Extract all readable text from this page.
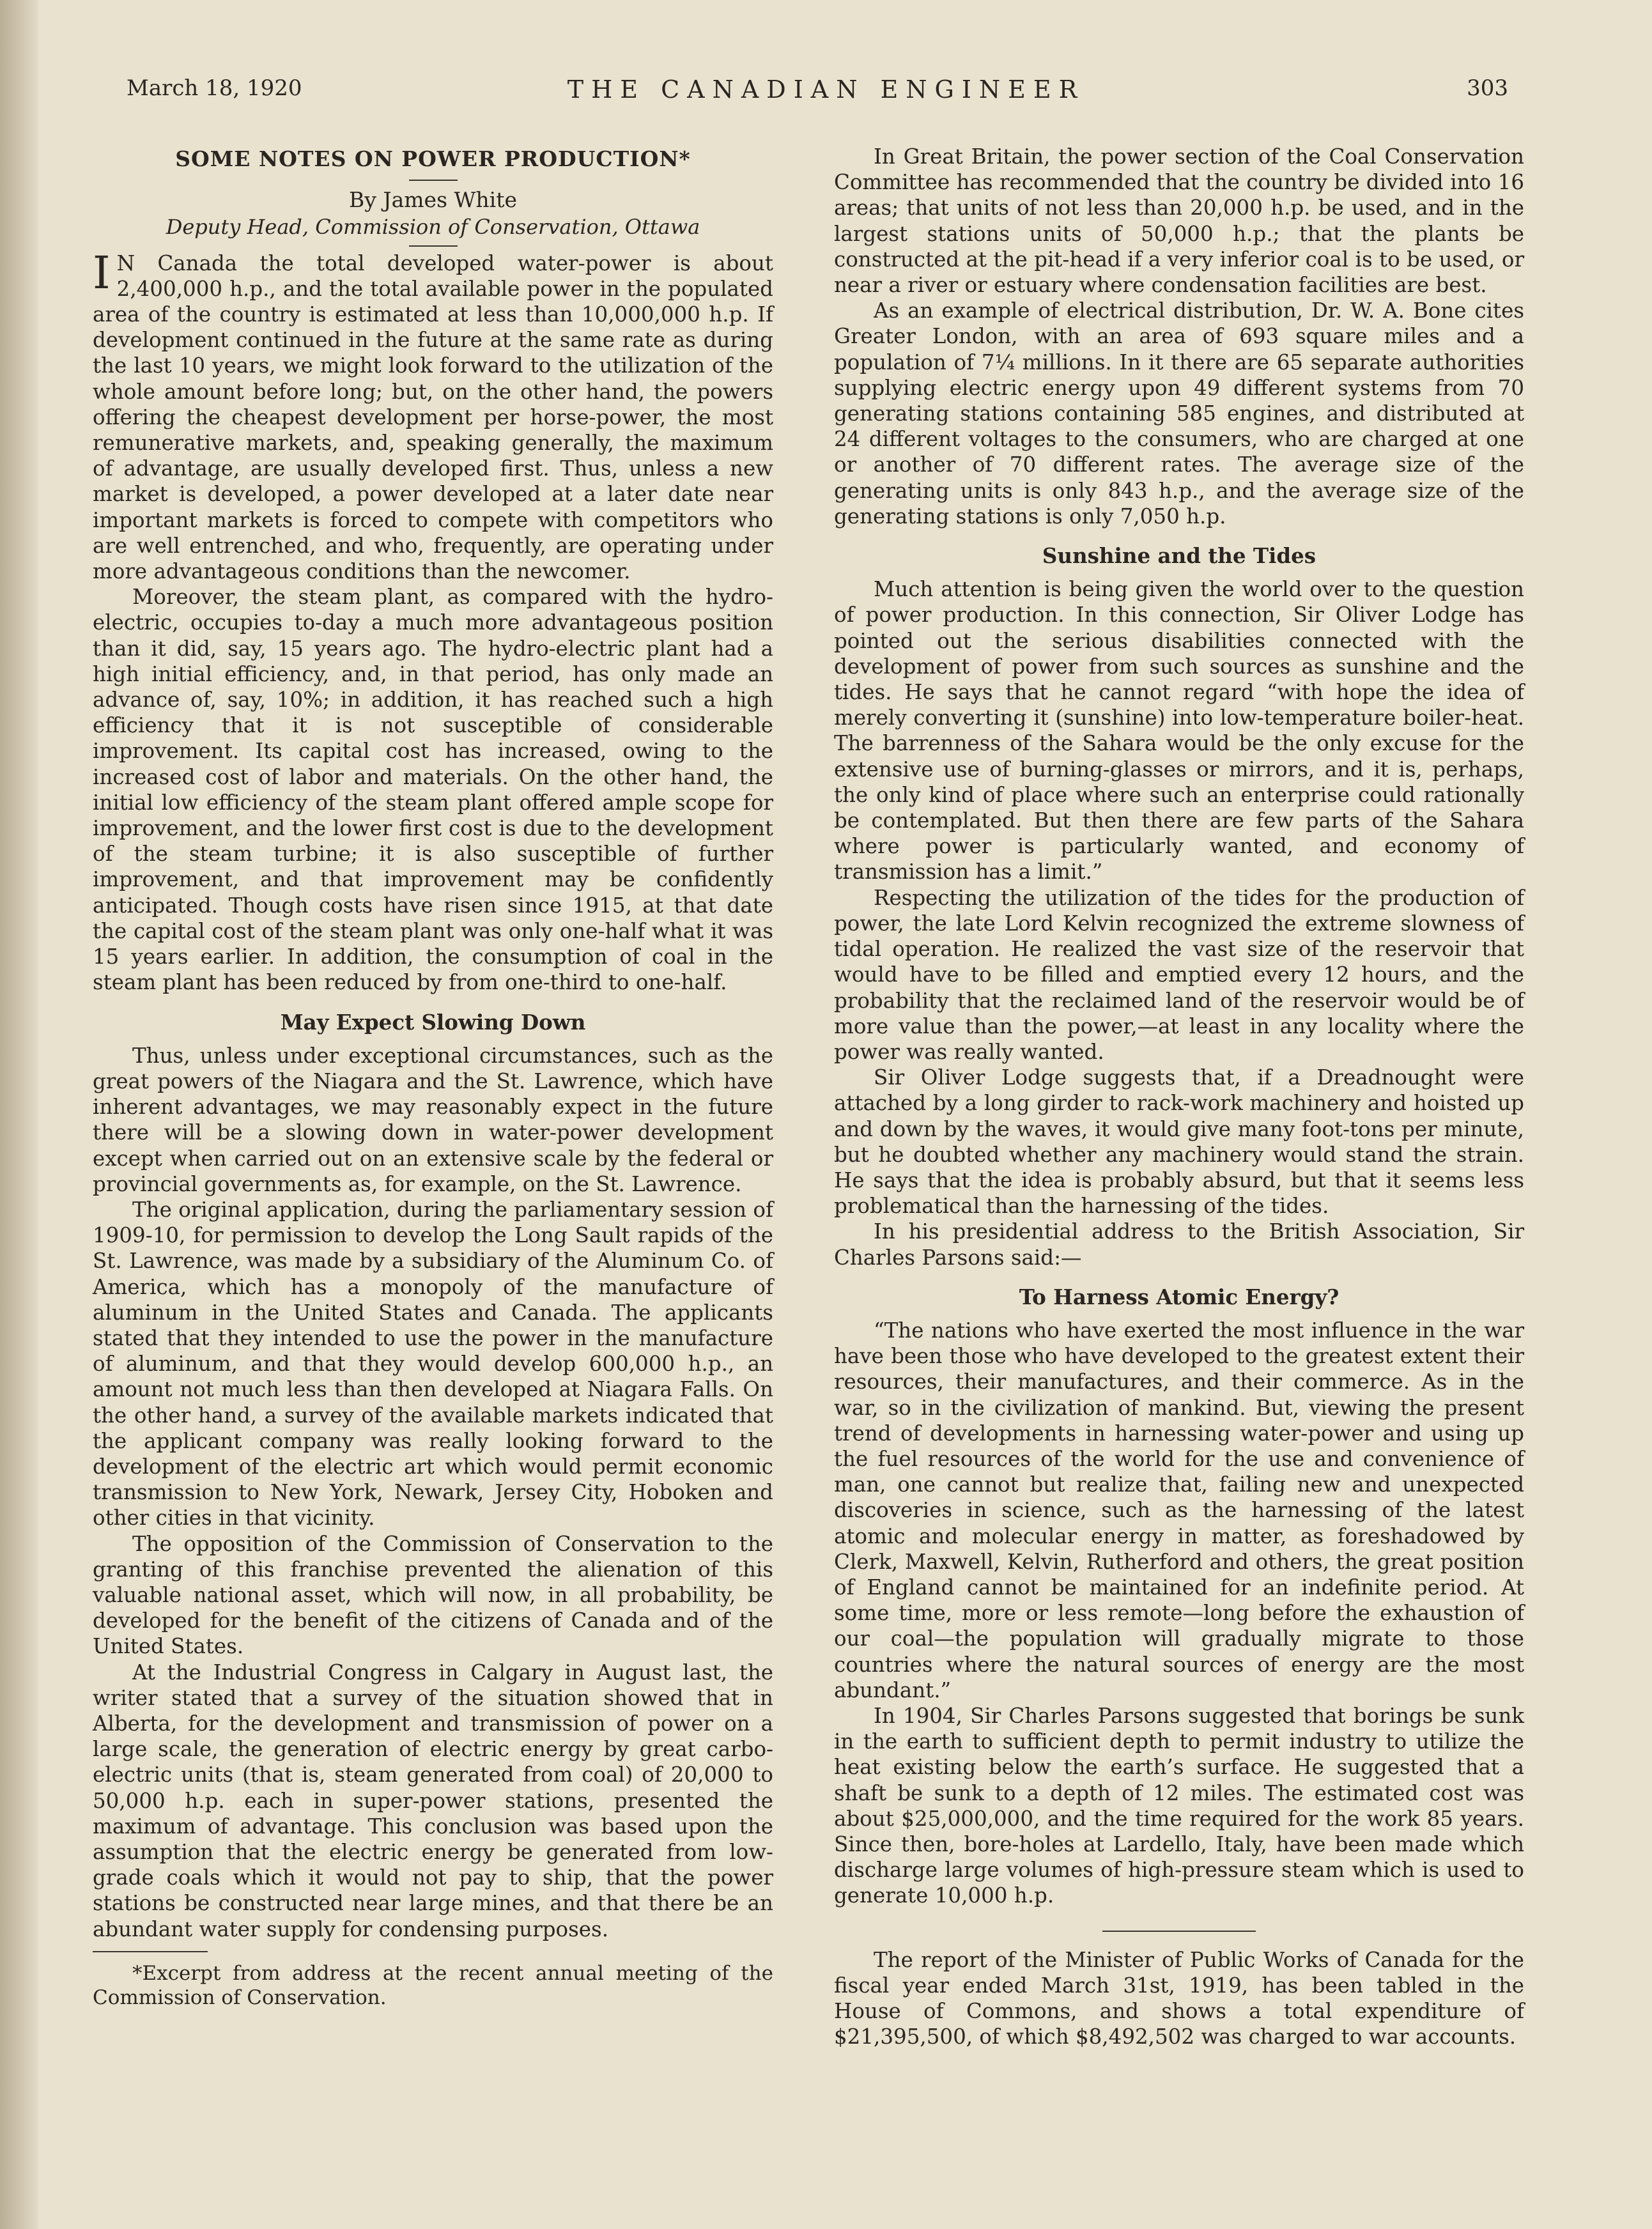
March 18, 1920	THE CANADIAN ENGINEER	303
SOME NOTES ON POWER PRODUCTION*
By James White
Deputy Head, Commission of Conservation, Ottawa

I N Canada the total developed water-power is about 2,400,000 h.p., and the total available power in the populated area of the country is estimated at less than 10,000,000 h.p. If development continued in the future at the same rate as during the last 10 years, we might look forward to the utilization of the whole amount before long; but, on the other hand, the powers offering the cheapest development per horse-power, the most remunerative markets, and, speaking generally, the maximum of advantage, are usually developed first. Thus, unless a new market is developed, a power developed at a later date near important markets is forced to compete with competitors who are well entrenched, and who, frequently, are operating under more advantageous conditions than the newcomer.

Moreover, the steam plant, as compared with the hydro-electric, occupies to-day a much more advantageous position than it did, say, 15 years ago. The hydro-electric plant had a high initial efficiency, and, in that period, has only made an advance of, say, 10%; in addition, it has reached such a high efficiency that it is not susceptible of considerable improvement. Its capital cost has increased, owing to the increased cost of labor and materials. On the other hand, the initial low efficiency of the steam plant offered ample scope for improvement, and the lower first cost is due to the development of the steam turbine; it is also susceptible of further improvement, and that improvement may be confidently anticipated. Though costs have risen since 1915, at that date the capital cost of the steam plant was only one-half what it was 15 years earlier. In addition, the consumption of coal in the steam plant has been reduced by from one-third to one-half.

May Expect Slowing Down

Thus, unless under exceptional circumstances, such as the great powers of the Niagara and the St. Lawrence, which have inherent advantages, we may reasonably expect in the future there will be a slowing down in water-power development except when carried out on an extensive scale by the federal or provincial governments as, for example, on the St. Lawrence.

The original application, during the parliamentary session of 1909-10, for permission to develop the Long Sault rapids of the St. Lawrence, was made by a subsidiary of the Aluminum Co. of America, which has a monopoly of the manufacture of aluminum in the United States and Canada. The applicants stated that they intended to use the power in the manufacture of aluminum, and that they would develop 600,000 h.p., an amount not much less than then developed at Niagara Falls. On the other hand, a survey of the available markets indicated that the applicant company was really looking forward to the development of the electric art which would permit economic transmission to New York, Newark, Jersey City, Hoboken and other cities in that vicinity.

The opposition of the Commission of Conservation to the granting of this franchise prevented the alienation of this valuable national asset, which will now, in all probability, be developed for the benefit of the citizens of Canada and of the United States.

At the Industrial Congress in Calgary in August last, the writer stated that a survey of the situation showed that in Alberta, for the development and transmission of power on a large scale, the generation of electric energy by great carbo-electric units (that is, steam generated from coal) of 20,000 to 50,000 h.p. each in super-power stations, presented the maximum of advantage. This conclusion was based upon the assumption that the electric energy be generated from low-grade coals which it would not pay to ship, that the power stations be constructed near large mines, and that there be an abundant water supply for condensing purposes.

*Excerpt from address at the recent annual meeting of the Commission of Conservation.

In Great Britain, the power section of the Coal Conservation Committee has recommended that the country be divided into 16 areas; that units of not less than 20,000 h.p. be used, and in the largest stations units of 50,000 h.p.; that the plants be constructed at the pit-head if a very inferior coal is to be used, or near a river or estuary where condensation facilities are best.

As an example of electrical distribution, Dr. W. A. Bone cites Greater London, with an area of 693 square miles and a population of 7¼ millions. In it there are 65 separate authorities supplying electric energy upon 49 different systems from 70 generating stations containing 585 engines, and distributed at 24 different voltages to the consumers, who are charged at one or another of 70 different rates. The average size of the generating units is only 843 h.p., and the average size of the generating stations is only 7,050 h.p.

Sunshine and the Tides

Much attention is being given the world over to the question of power production. In this connection, Sir Oliver Lodge has pointed out the serious disabilities connected with the development of power from such sources as sunshine and the tides. He says that he cannot regard “with hope the idea of merely converting it (sunshine) into low-temperature boiler-heat. The barrenness of the Sahara would be the only excuse for the extensive use of burning-glasses or mirrors, and it is, perhaps, the only kind of place where such an enterprise could rationally be contemplated. But then there are few parts of the Sahara where power is particularly wanted, and economy of transmission has a limit.”

Respecting the utilization of the tides for the production of power, the late Lord Kelvin recognized the extreme slowness of tidal operation. He realized the vast size of the reservoir that would have to be filled and emptied every 12 hours, and the probability that the reclaimed land of the reservoir would be of more value than the power,—at least in any locality where the power was really wanted.

Sir Oliver Lodge suggests that, if a Dreadnought were attached by a long girder to rack-work machinery and hoisted up and down by the waves, it would give many foot-tons per minute, but he doubted whether any machinery would stand the strain. He says that the idea is probably absurd, but that it seems less problematical than the harnessing of the tides.

In his presidential address to the British Association, Sir Charles Parsons said:—

To Harness Atomic Energy?

“The nations who have exerted the most influence in the war have been those who have developed to the greatest extent their resources, their manufactures, and their commerce. As in the war, so in the civilization of mankind. But, viewing the present trend of developments in harnessing water-power and using up the fuel resources of the world for the use and convenience of man, one cannot but realize that, failing new and unexpected discoveries in science, such as the harnessing of the latest atomic and molecular energy in matter, as foreshadowed by Clerk, Maxwell, Kelvin, Rutherford and others, the great position of England cannot be maintained for an indefinite period. At some time, more or less remote—long before the exhaustion of our coal—the population will gradually migrate to those countries where the natural sources of energy are the most abundant.”

In 1904, Sir Charles Parsons suggested that borings be sunk in the earth to sufficient depth to permit industry to utilize the heat existing below the earth’s surface. He suggested that a shaft be sunk to a depth of 12 miles. The estimated cost was about $25,000,000, and the time required for the work 85 years. Since then, bore-holes at Lardello, Italy, have been made which discharge large volumes of high-pressure steam which is used to generate 10,000 h.p.

The report of the Minister of Public Works of Canada for the fiscal year ended March 31st, 1919, has been tabled in the House of Commons, and shows a total expenditure of $21,395,500, of which $8,492,502 was charged to war accounts.
